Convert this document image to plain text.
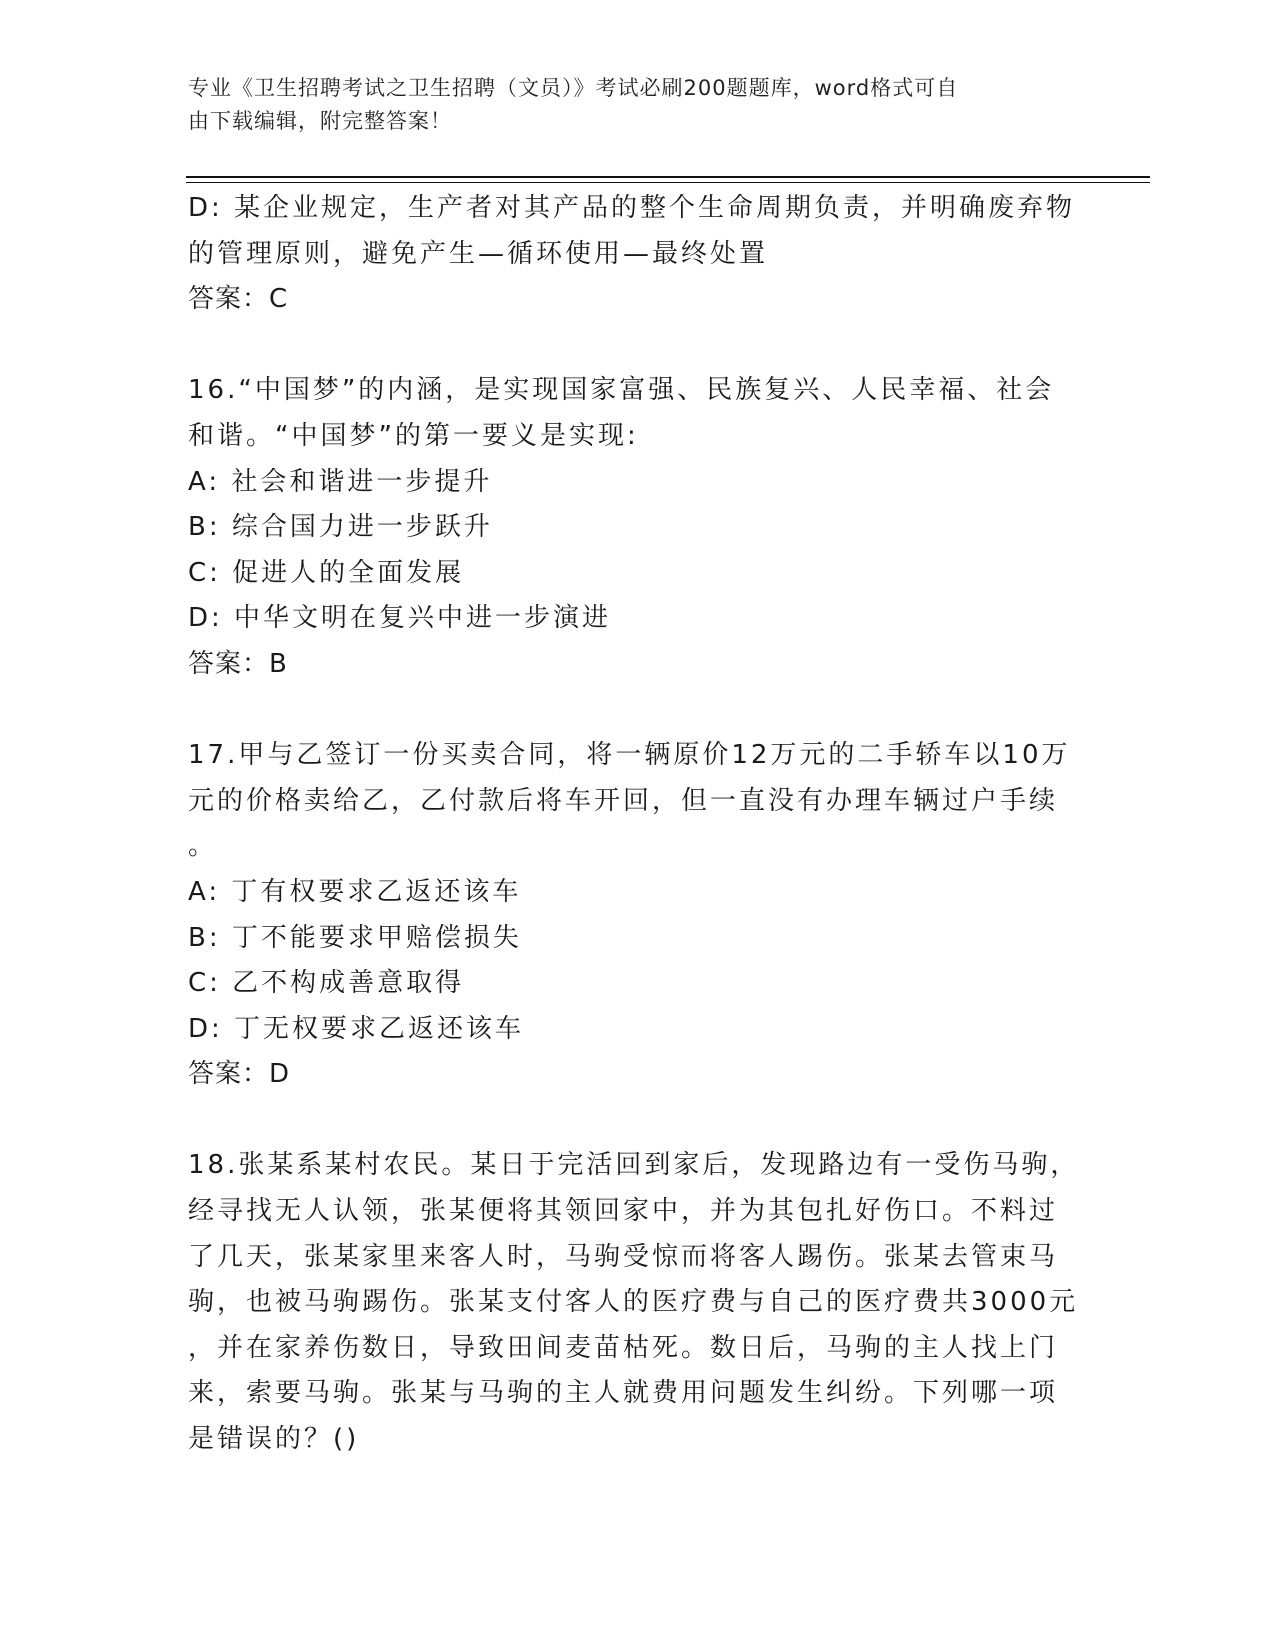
专业《卫生招聘考试之卫生招聘（文员）》考试必刷200题题库，word格式可自
由下载编辑，附完整答案！
D: 某企业规定，生产者对其产品的整个生命周期负责，并明确废弃物
的管理原则，避免产生—循环使用—最终处置
答案：C
16.“中国梦”的内涵，是实现国家富强、民族复兴、人民幸福、社会
和谐。“中国梦”的第一要义是实现:
A: 社会和谐进一步提升
B: 综合国力进一步跃升
C: 促进人的全面发展
D: 中华文明在复兴中进一步演进
答案：B
17.甲与乙签订一份买卖合同，将一辆原价12万元的二手轿车以10万
元的价格卖给乙，乙付款后将车开回，但一直没有办理车辆过户手续
。
A: 丁有权要求乙返还该车
B: 丁不能要求甲赔偿损失
C: 乙不构成善意取得
D: 丁无权要求乙返还该车
答案：D
18.张某系某村农民。某日于完活回到家后，发现路边有一受伤马驹，
经寻找无人认领，张某便将其领回家中，并为其包扎好伤口。不料过
了几天，张某家里来客人时，马驹受惊而将客人踢伤。张某去管束马
驹，也被马驹踢伤。张某支付客人的医疗费与自己的医疗费共3000元
，并在家养伤数日，导致田间麦苗枯死。数日后，马驹的主人找上门
来，索要马驹。张某与马驹的主人就费用问题发生纠纷。下列哪一项
是错误的？()
